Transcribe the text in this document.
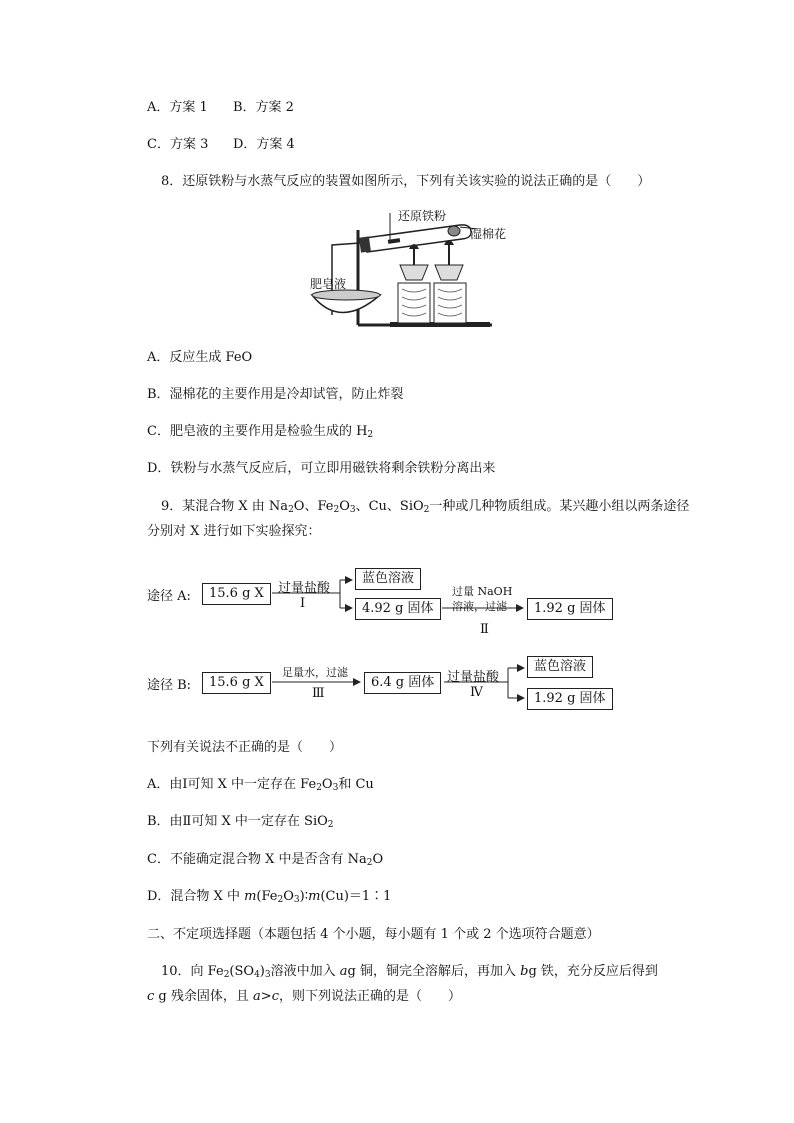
A．方案 1 B．方案 2
C．方案 3 D．方案 4
8．还原铁粉与水蒸气反应的装置如图所示，下列有关该实验的说法正确的是（　　）
还原铁粉
湿棉花
肥皂液
A．反应生成 FeO
B．湿棉花的主要作用是冷却试管，防止炸裂
C．肥皂液的主要作用是检验生成的 $H_2$
D．铁粉与水蒸气反应后，可立即用磁铁将剩余铁粉分离出来
9．某混合物 X 由 $Na_2O$、$Fe_2O_3$、Cu、SiO$_2$一种或几种物质组成。某兴趣小组以两条途径
分别对 X 进行如下实验探究：
途径 A:	15.6 g X	过量盐酸
Ⅰ
蓝色溶液
4.92 g 固体
过量 NaOH
溶液，过滤
Ⅱ
1.92 g 固体
途径 B:	15.6 g X
足量水，过滤
Ⅲ
6.4 g 固体 过量盐酸
Ⅳ
蓝色溶液
1.92 g 固体
下列有关说法不正确的是（　　）
A．由Ⅰ可知 X 中一定存在 $Fe_2O_3$和 Cu
B．由Ⅱ可知 X 中一定存在 SiO$_2$
C．不能确定混合物 X 中是否含有 $Na_2O$
D．混合物 X 中 $m(Fe_2O_3)∶m(Cu)=1∶1$
二、不定项选择题（本题包括 4 个小题，每小题有 1 个或 2 个选项符合题意）
10．向 $Fe_2(SO_4)_3$溶液中加入 ag 铜，铜完全溶解后，再加入 bg 铁，充分反应后得到
c g 残余固体，且 a>c，则下列说法正确的是（　　）
